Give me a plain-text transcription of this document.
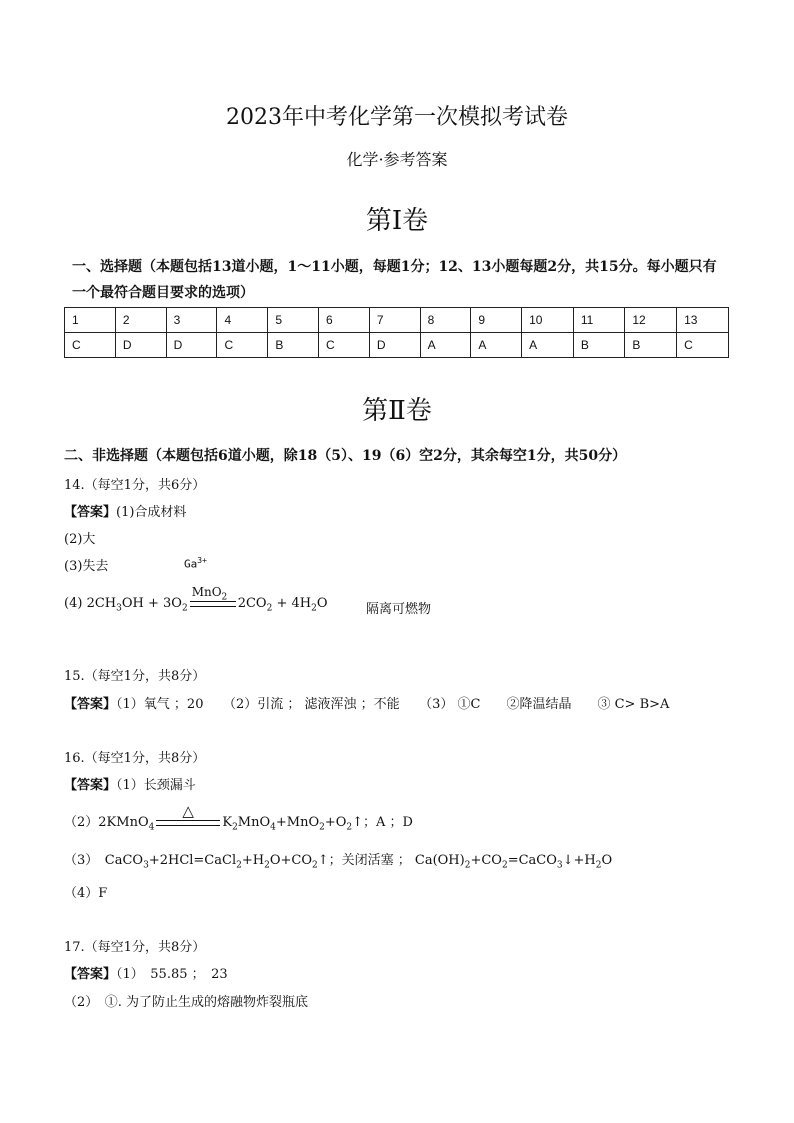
2023年中考化学第一次模拟考试卷
化学·参考答案
第Ⅰ卷
一、选择题（本题包括13道小题，1～11小题，每题1分；12、13小题每题2分，共15分。每小题只有
一个最符合题目要求的选项）
1	2	3	4	5	6	7	8	9	10	11	12	13
C	D	D	C	B	C	D	A	A	A	B	B	C
第Ⅱ卷
二、非选择题（本题包括6道小题，除18（5）、19（6）空2分，其余每空1分，共50分）
14.（每空1分，共6分）
【答案】(1)合成材料
(2)大
(3)失去	$Ga^{3+}$
(4) $2CH_3OH + 3O_2$
MnO$_2$ $2CO_2 + 4H_2O$	隔离可燃物
15.（每空1分，共8分）
【答案】（1）氧气 ；20　　（2）引流 ； 滤液浑浊 ；不能　　（3） ①C　　②降温结晶　　③ C> B>A
16.（每空1分，共8分）
【答案】（1）长颈漏斗
（2）2KMnO$_4$
△
$K_2MnO_4+MnO_2+O_2↑$；A ；D
（3）　$CaCO_3+2HCl=CaCl_2+H_2O+CO_2↑$；关闭活塞 ； $Ca(OH)_2+CO_2=CaCO_3↓+H_2O$
（4）F
17.（每空1分，共8分）
【答案】（1）　55.85 ；　23
（2）　①. 为了防止生成的熔融物炸裂瓶底
